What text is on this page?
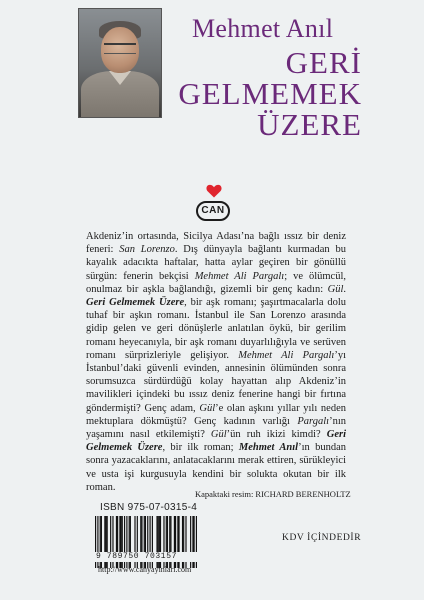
Mehmet Anıl
GERİ
GELMEMEK
ÜZERE
CAN
Akdeniz’in ortasında, Sicilya Adası’na bağlı ıssız bir deniz feneri: San Lorenzo. Dış dünyayla bağlantı kurmadan bu kayalık adacıkta haftalar, hatta aylar geçiren bir gönüllü sürgün: fenerin bekçisi Mehmet Ali Pargalı; ve ölümcül, onulmaz bir aşkla bağlandığı, gizemli bir genç kadın: Gül. Geri Gelmemek Üzere, bir aşk romanı; şaşırtmacalarla dolu tuhaf bir aşkın romanı. İstanbul ile San Lorenzo arasında gidip gelen ve geri dönüşlerle anlatılan öykü, bir gerilim romanı heyecanıyla, bir aşk romanı duyarlılığıyla ve serüven romanı sürprizleriyle gelişiyor. Mehmet Ali Pargalı’yı İstanbul’daki güvenli evinden, annesinin ölümünden sonra sorumsuzca sürdürdüğü kolay hayattan alıp Akdeniz’in mavilikleri içindeki bu ıssız deniz fenerine hangi bir fırtına göndermişti? Genç adam, Gül’e olan aşkını yıllar yılı neden mektuplara dökmüştü? Genç kadının varlığı Pargalı’nın yaşamını nasıl etkilemişti? Gül’ün ruh ikizi kimdi? Geri Gelmemek Üzere, bir ilk roman; Mehmet Anıl’ın bundan sonra yazacaklarını, anlatacaklarını merak ettiren, sürükleyici ve usta işi kurgusuyla kendini bir solukta okutan bir ilk roman.
Kapaktaki resim: RICHARD BERENHOLTZ
ISBN 975-07-0315-4
9 789750 703157
http://www.canyayinlari.com
KDV İÇİNDEDİR
